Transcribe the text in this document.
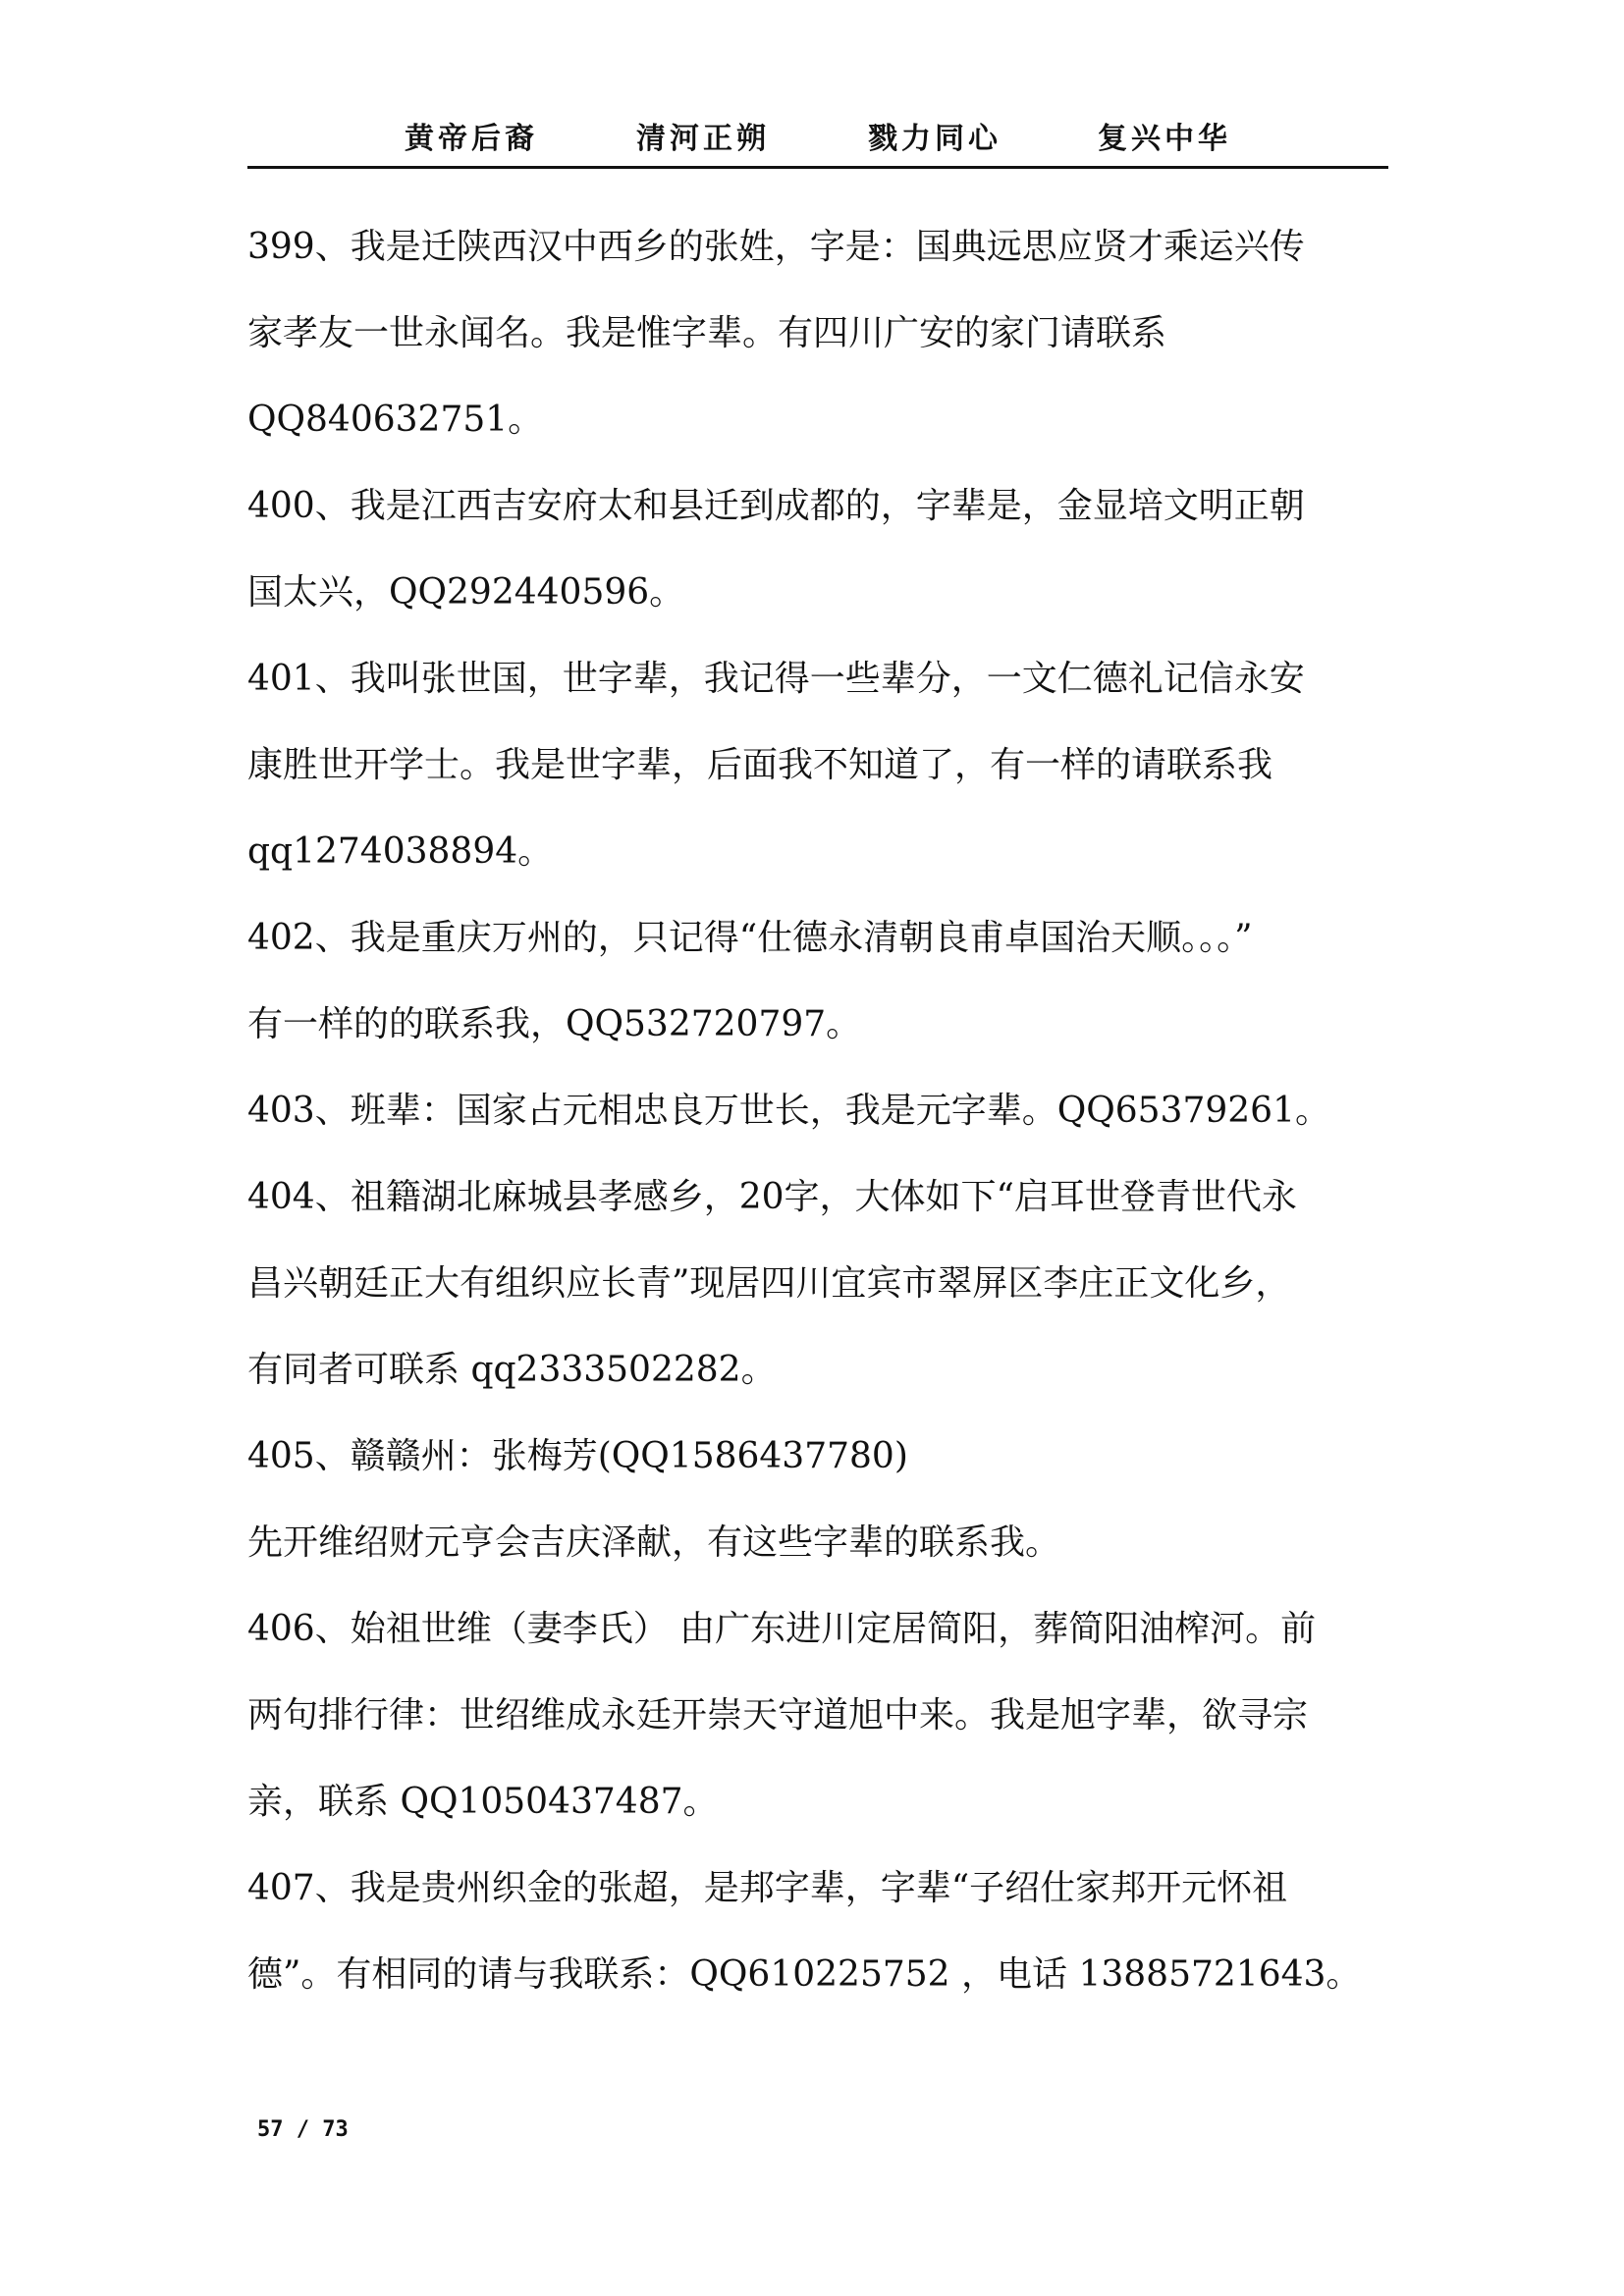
黄帝后裔	清河正朔	戮力同心	复兴中华
399、我是迁陕西汉中西乡的张姓，字是：国典远思应贤才乘运兴传
家孝友一世永闻名。我是惟字辈。有四川广安的家门请联系
QQ840632751。
400、我是江西吉安府太和县迁到成都的，字辈是，金显培文明正朝
国太兴，QQ292440596。
401、我叫张世国，世字辈，我记得一些辈分，一文仁德礼记信永安
康胜世开学士。我是世字辈，后面我不知道了，有一样的请联系我
qq1274038894。
402、我是重庆万州的，只记得“仕德永清朝良甫卓国治天顺。。。”
有一样的的联系我，QQ532720797。
403、班辈：国家占元相忠良万世长，我是元字辈。QQ65379261。
404、祖籍湖北麻城县孝感乡，20字，大体如下“启耳世登青世代永
昌兴朝廷正大有组织应长青”现居四川宜宾市翠屏区李庄正文化乡，
有同者可联系 qq2333502282。
405、赣赣州：张梅芳(QQ1586437780)
先开维绍财元亨会吉庆泽献，有这些字辈的联系我。
406、始祖世维（妻李氏） 由广东进川定居简阳，葬简阳油榨河。前
两句排行律：世绍维成永廷开崇天守道旭中来。我是旭字辈，欲寻宗
亲，联系 QQ1050437487。
407、我是贵州织金的张超，是邦字辈，字辈“子绍仕家邦开元怀祖
德”。有相同的请与我联系：QQ610225752 ，电话 13885721643。
57 / 73
